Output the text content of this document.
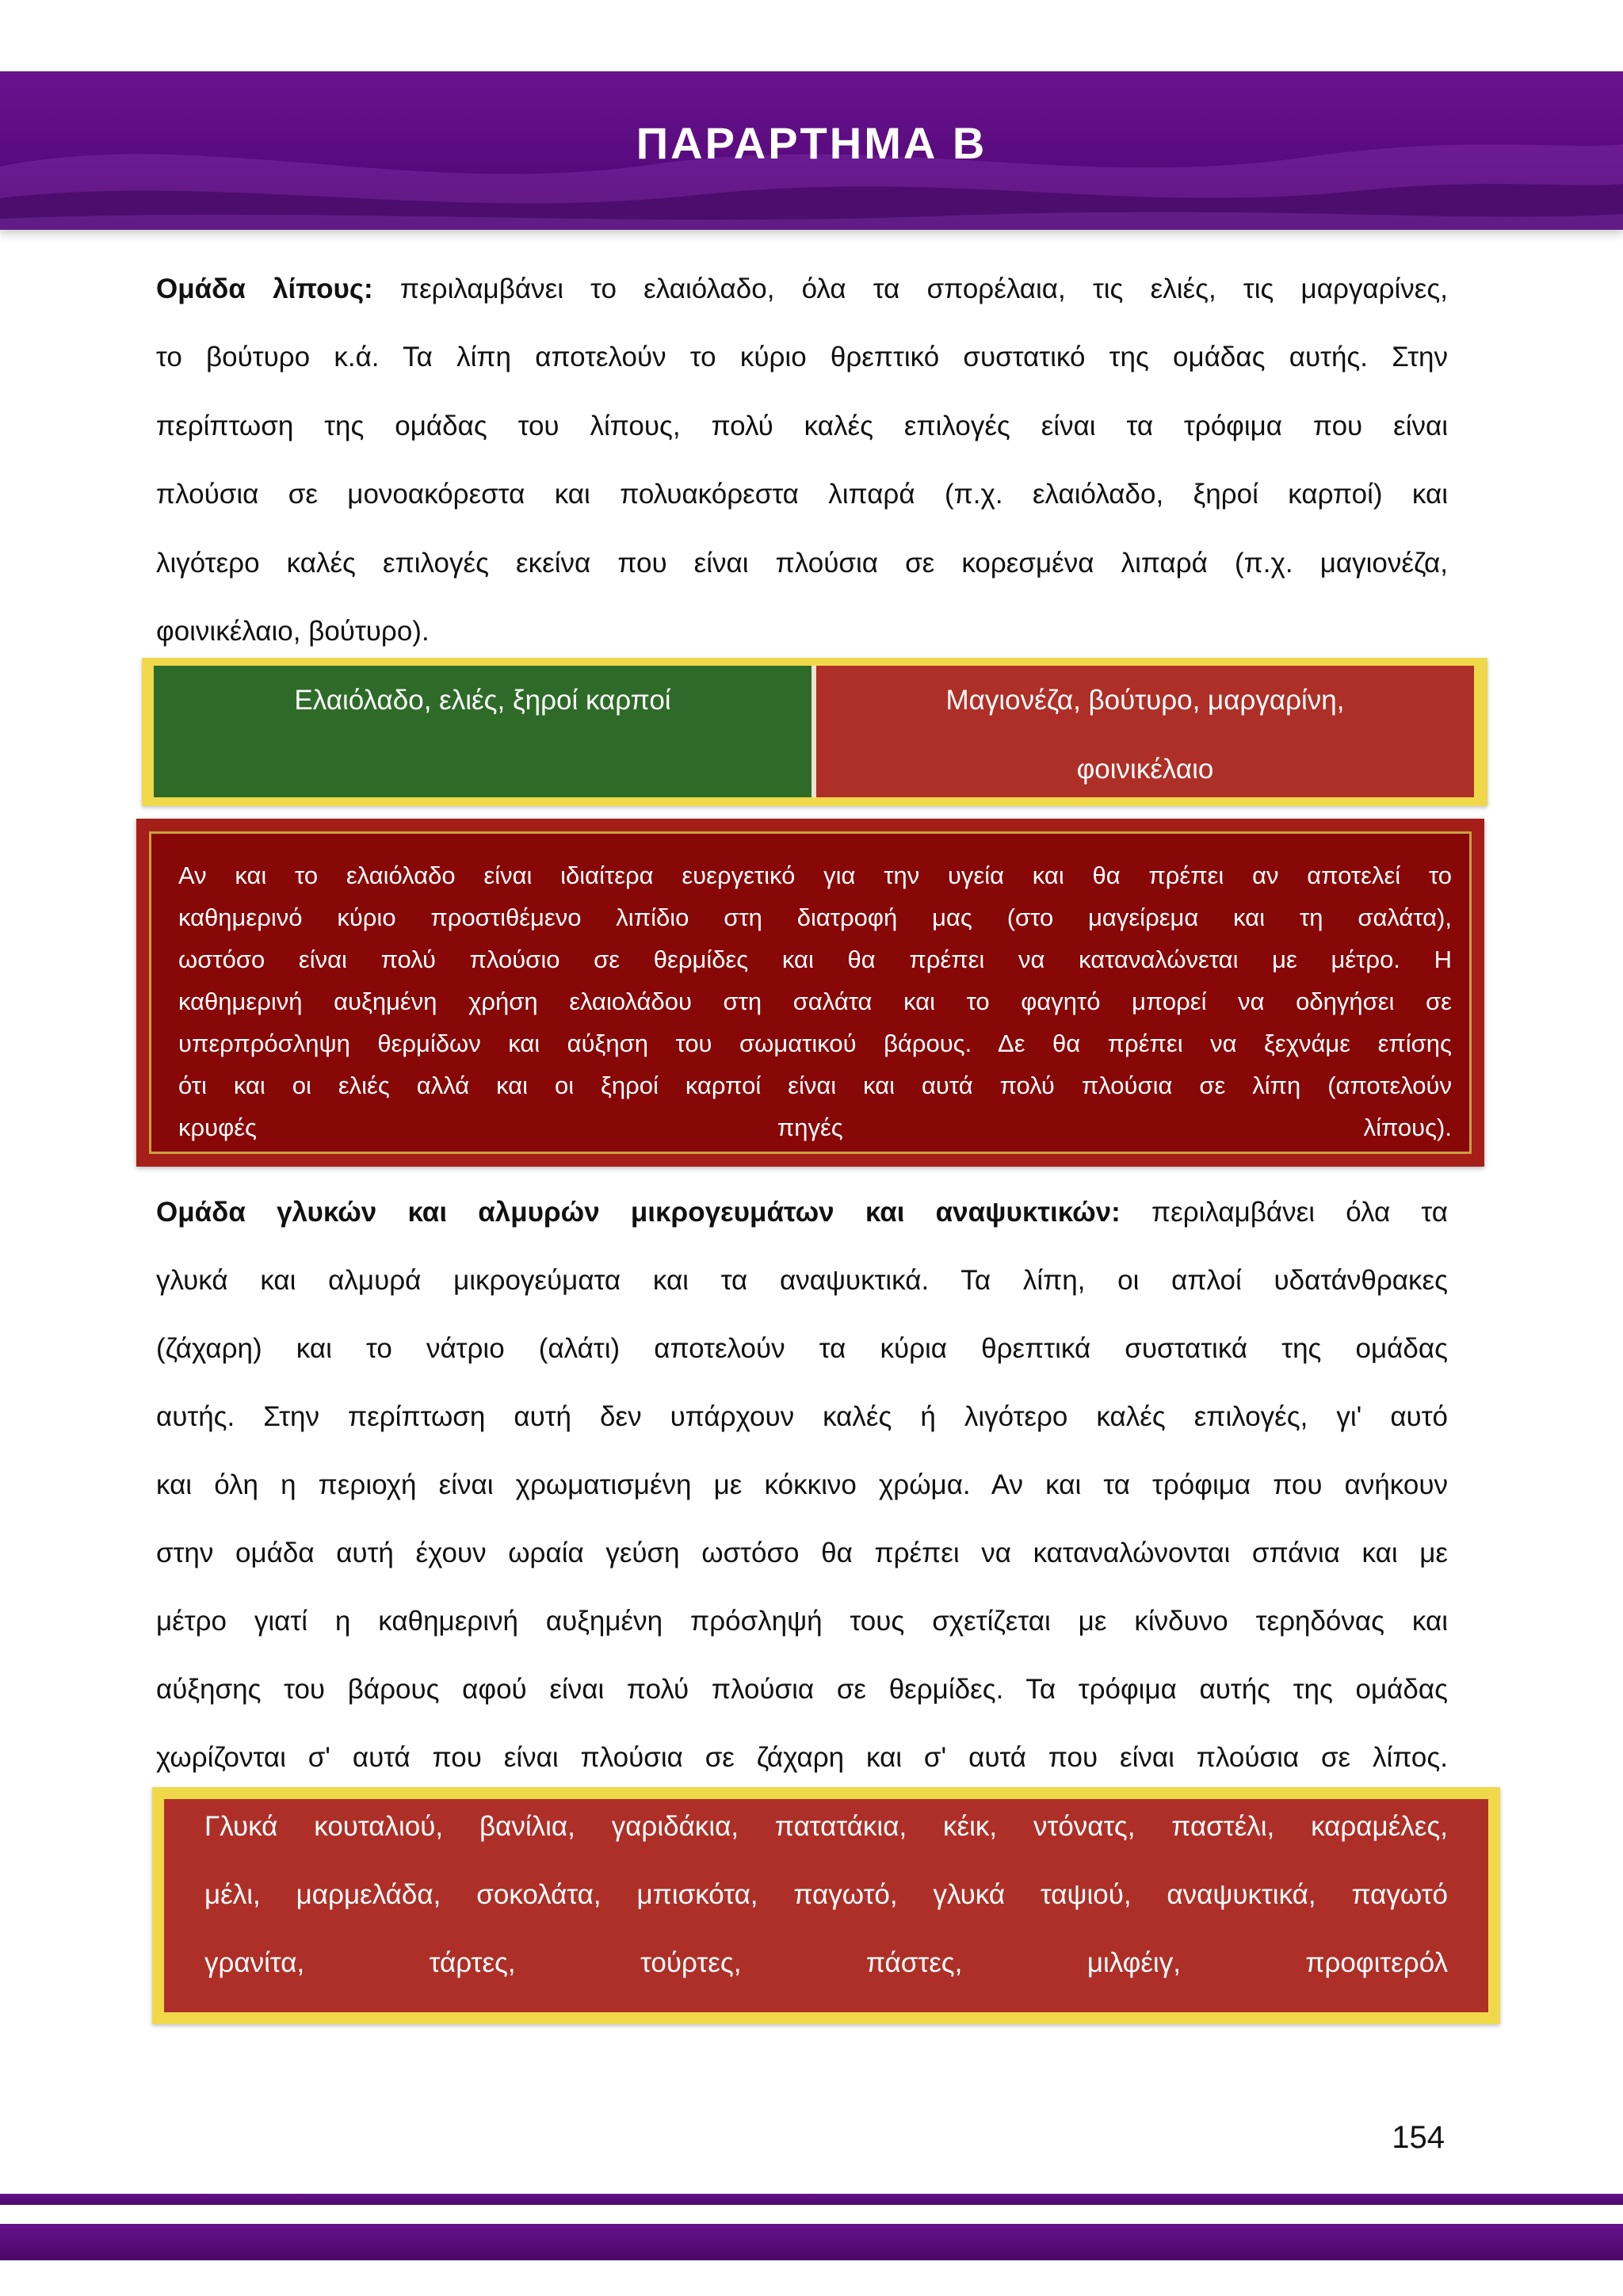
ΠΑΡΑΡΤΗΜΑ Β
Ομάδα λίπους: περιλαμβάνει το ελαιόλαδο, όλα τα σπορέλαια, τις ελιές, τις μαργαρίνες,
το βούτυρο κ.ά. Τα λίπη αποτελούν το κύριο θρεπτικό συστατικό της ομάδας αυτής. Στην
περίπτωση της ομάδας του λίπους, πολύ καλές επιλογές είναι τα τρόφιμα που είναι
πλούσια σε μονοακόρεστα και πολυακόρεστα λιπαρά (π.χ. ελαιόλαδο, ξηροί καρποί) και
λιγότερο καλές επιλογές εκείνα που είναι πλούσια σε κορεσμένα λιπαρά (π.χ. μαγιονέζα,
φοινικέλαιο, βούτυρο).
Ελαιόλαδο, ελιές, ξηροί καρποί	Μαγιονέζα, βούτυρο, μαργαρίνη,
φοινικέλαιο
Αν και το ελαιόλαδο είναι ιδιαίτερα ευεργετικό για την υγεία και θα πρέπει αν αποτελεί το
καθημερινό κύριο προστιθέμενο λιπίδιο στη διατροφή μας (στο μαγείρεμα και τη σαλάτα),
ωστόσο είναι πολύ πλούσιο σε θερμίδες και θα πρέπει να καταναλώνεται με μέτρο. Η
καθημερινή αυξημένη χρήση ελαιολάδου στη σαλάτα και το φαγητό μπορεί να οδηγήσει σε
υπερπρόσληψη θερμίδων και αύξηση του σωματικού βάρους. Δε θα πρέπει να ξεχνάμε επίσης
ότι και οι ελιές αλλά και οι ξηροί καρποί είναι και αυτά πολύ πλούσια σε λίπη (αποτελούν
κρυφές πηγές λίπους).
Ομάδα γλυκών και αλμυρών μικρογευμάτων και αναψυκτικών: περιλαμβάνει όλα τα
γλυκά και αλμυρά μικρογεύματα και τα αναψυκτικά. Τα λίπη, οι απλοί υδατάνθρακες
(ζάχαρη) και το νάτριο (αλάτι) αποτελούν τα κύρια θρεπτικά συστατικά της ομάδας
αυτής. Στην περίπτωση αυτή δεν υπάρχουν καλές ή λιγότερο καλές επιλογές, γι' αυτό
και όλη η περιοχή είναι χρωματισμένη με κόκκινο χρώμα. Αν και τα τρόφιμα που ανήκουν
στην ομάδα αυτή έχουν ωραία γεύση ωστόσο θα πρέπει να καταναλώνονται σπάνια και με
μέτρο γιατί η καθημερινή αυξημένη πρόσληψή τους σχετίζεται με κίνδυνο τερηδόνας και
αύξησης του βάρους αφού είναι πολύ πλούσια σε θερμίδες. Τα τρόφιμα αυτής της ομάδας
χωρίζονται σ' αυτά που είναι πλούσια σε ζάχαρη και σ' αυτά που είναι πλούσια σε λίπος.
Γλυκά κουταλιού, βανίλια, γαριδάκια, πατατάκια, κέικ, ντόνατς, παστέλι, καραμέλες,
μέλι, μαρμελάδα, σοκολάτα, μπισκότα, παγωτό, γλυκά ταψιού, αναψυκτικά, παγωτό
γρανίτα, τάρτες, τούρτες, πάστες, μιλφέιγ, προφιτερόλ
154
